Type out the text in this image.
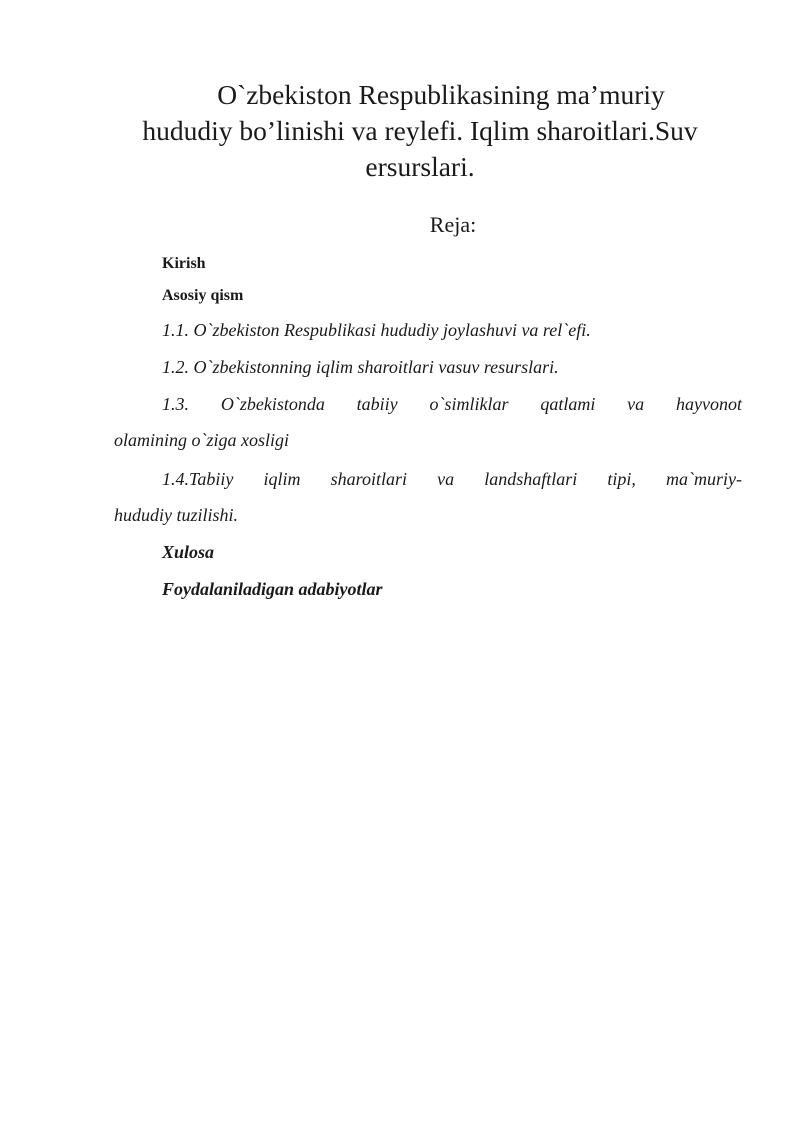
O`zbekiston Respublikasining ma’muriy
hududiy bo’linishi va reylefi. Iqlim sharoitlari.Suv
ersurslari.

Reja:

Kirish
Asosiy qism
1.1. O`zbekiston Respublikasi hududiy joylashuvi va rel`efi.
1.2. O`zbekistonning iqlim sharoitlari vasuv resurslari.
1.3. O`zbekistonda tabiiy o`simliklar qatlami va hayvonot
olamining o`ziga xosligi
1.4.Tabiiy iqlim sharoitlari va landshaftlari tipi, ma`muriy-
hududiy tuzilishi.
Xulosa
Foydalaniladigan adabiyotlar
